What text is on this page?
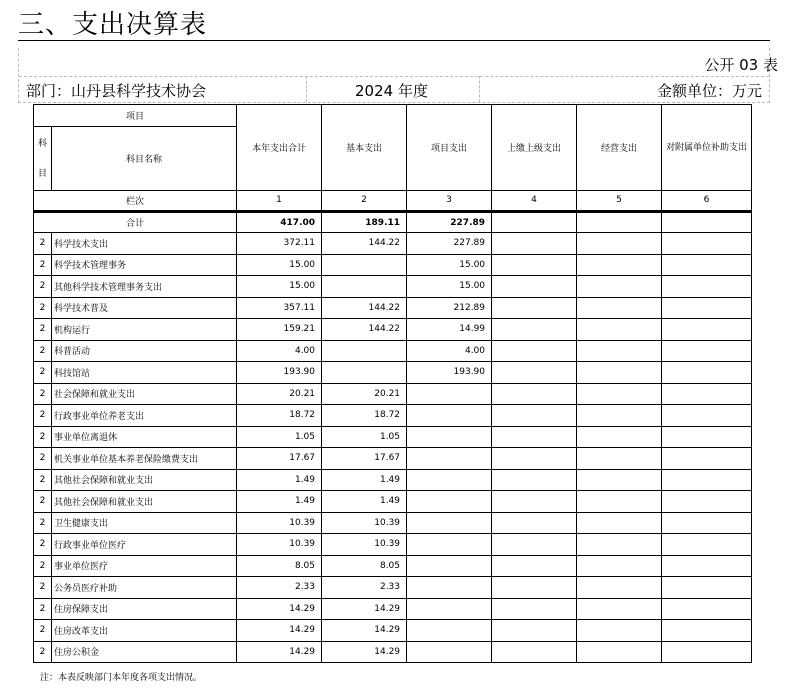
三、支出决算表
公开 03 表
部门：山丹县科学技术协会	2024 年度	金额单位：万元
项目		本年支出合计	基本支出	项目支出	上缴上级支出	经营支出	对附属单位补助支出
科
目	科目名称						
栏次		1	2	3	4	5	6

合计		417.00	189.11	227.89			
2	科学技术支出	372.11	144.22	227.89			
2	科学技术管理事务	15.00		15.00			
2	其他科学技术管理事务支出	15.00		15.00			
2	科学技术普及	357.11	144.22	212.89			
2	机构运行	159.21	144.22	14.99			
2	科普活动	4.00		4.00			
2	科技馆站	193.90		193.90			
2	社会保障和就业支出	20.21	20.21				
2	行政事业单位养老支出	18.72	18.72				
2	事业单位离退休	1.05	1.05				
2	机关事业单位基本养老保险缴费支出	17.67	17.67				
2	其他社会保障和就业支出	1.49	1.49				
2	其他社会保障和就业支出	1.49	1.49				
2	卫生健康支出	10.39	10.39				
2	行政事业单位医疗	10.39	10.39				
2	事业单位医疗	8.05	8.05				
2	公务员医疗补助	2.33	2.33				
2	住房保障支出	14.29	14.29				
2	住房改革支出	14.29	14.29				
2	住房公积金	14.29	14.29				
注：本表反映部门本年度各项支出情况。
